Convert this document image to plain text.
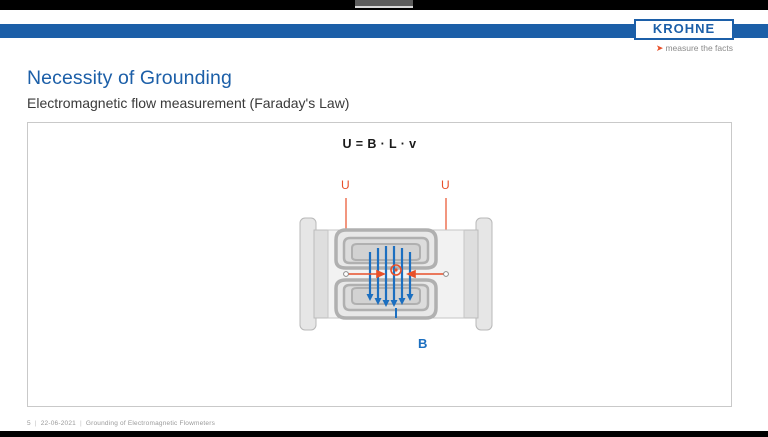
KROHNE
➤ measure the facts
Necessity of Grounding
Electromagnetic flow measurement (Faraday's Law)
U = B · L · v
U	U
B
5 | 22-06-2021 | Grounding of Electromagnetic Flowmeters
